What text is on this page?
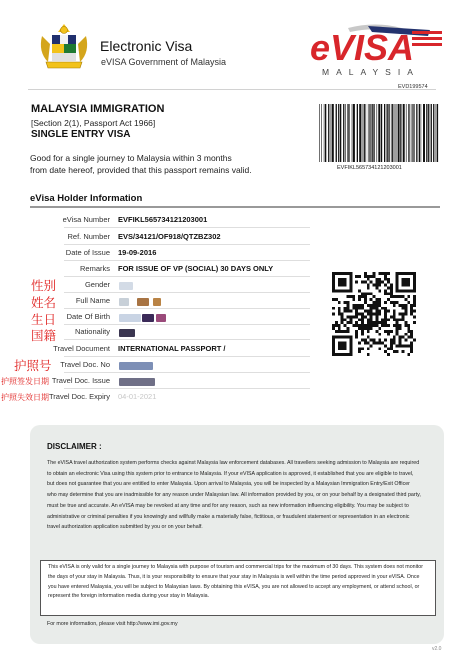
Electronic Visa
eVISA Government of Malaysia eVISA
MALAYSIA
EVD199574
MALAYSIA IMMIGRATION
[Section 2(1), Passport Act 1966]
SINGLE ENTRY VISA
EVFIKL565734121203001
Good for a single journey to Malaysia within 3 months
from date hereof, provided that this passport remains valid.
eVisa Holder Information
eVisa Number EVFIKL565734121203001
Ref. Number EVS/34121/OF918/QTZBZ302
Date of Issue 19-09-2016
Remarks FOR ISSUE OF VP (SOCIAL) 30 DAYS ONLY
Gender
Full Name
Date Of Birth
Nationality
Travel Document INTERNATIONAL PASSPORT /
Travel Doc. No
Travel Doc. Issue
Travel Doc. Expiry 04-01-2021
性别
姓名
生日
国籍
护照号
护照签发日期
护照失效日期
DISCLAIMER :
The eVISA travel authorization system performs checks against Malaysia law enforcement databases. All travellers seeking admission to Malaysia are required to obtain an electronic Visa using this system prior to entrance to Malaysia. If your eVISA application is approved, it established that you are eligible to travel, but does not guarantee that you are entitled to enter Malaysia. Upon arrival to Malaysia, you will be inspected by a Malaysian Immigration Entry/Exit Officer who may determine that you are inadmissible for any reason under Malaysian law. All information provided by you, or on your behalf by a designated third party, must be true and accurate. An eVISA may be revoked at any time and for any reason, such as new information influencing eligibility. You may be subject to administrative or criminal penalties if you knowingly and willfully make a materially false, fictitious, or fraudulent statement or representation in an electronic travel authorization application submitted by you or on your behalf.
This eVISA is only valid for a single journey to Malaysia with purpose of tourism and commercial trips for the maximum of 30 days. This system does not monitor the days of your stay in Malaysia. Thus, it is your responsibility to ensure that your stay in Malaysia is well within the time period approved in your eVISA. Once you have entered Malaysia, you will be subject to Malaysian laws. By obtaining this eVISA, you are not allowed to accept any employment, or attend school, or represent the foreign information media during your stay in Malaysia.
For more information, please visit http://www.imi.gov.my
v2.0
